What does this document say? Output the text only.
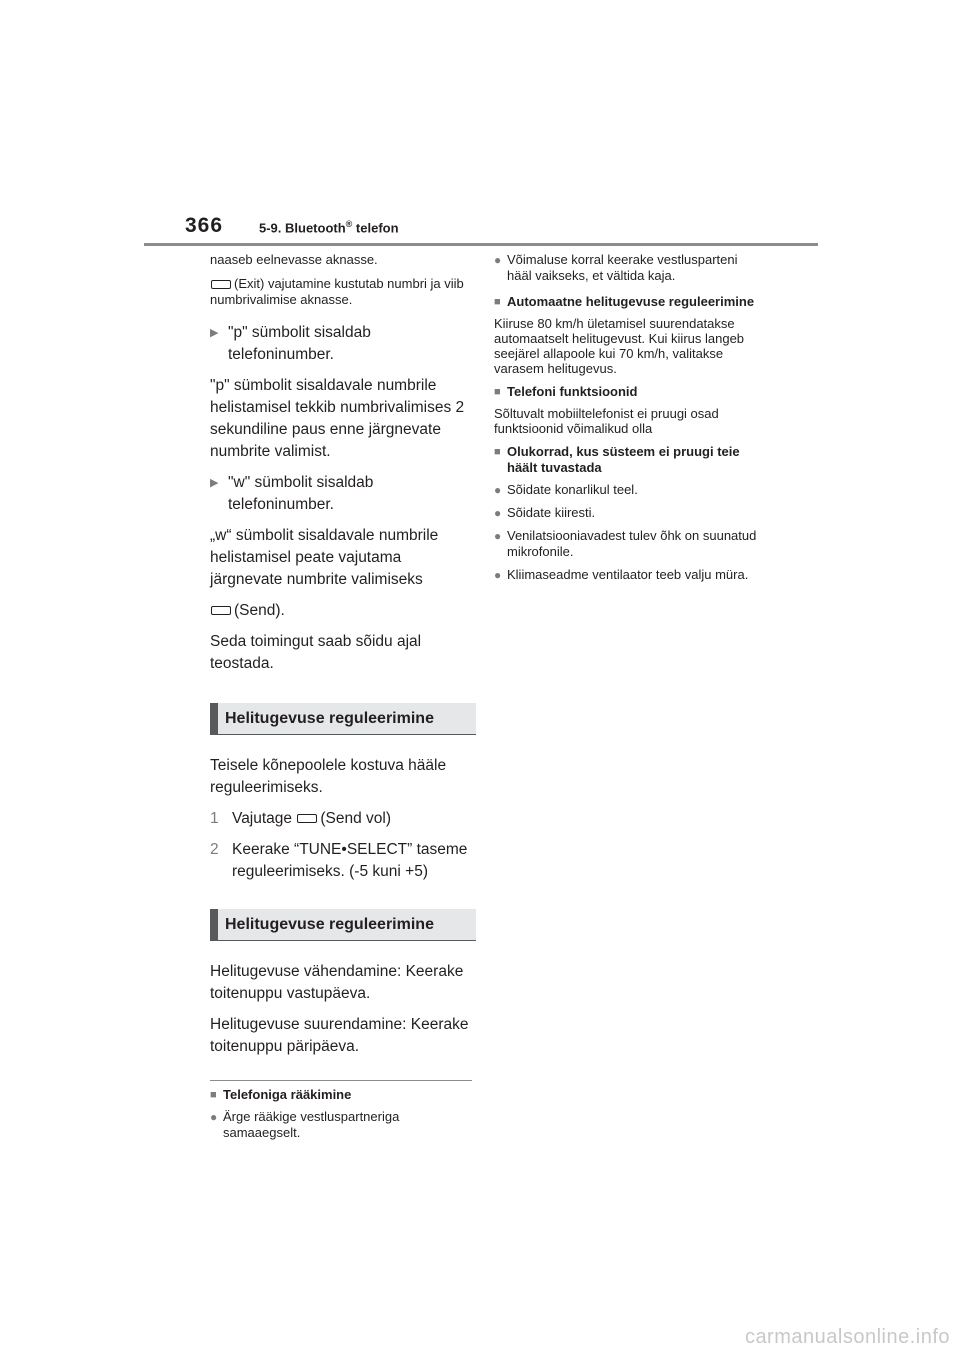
366	5-9. Bluetooth® telefon

naaseb eelnevasse aknasse.

(Exit) vajutamine kustutab numbri ja viib numbrivalimise aknasse.

▶ "p" sümbolit sisaldab telefoninumber.

"p" sümbolit sisaldavale numbrile helistamisel tekkib numbrivalimises 2 sekundiline paus enne järgnevate numbrite valimist.

▶ "w" sümbolit sisaldab telefoninumber.

„w“ sümbolit sisaldavale numbrile helistamisel peate vajutama järgnevate numbrite valimiseks

(Send).

Seda toimingut saab sõidu ajal teostada.

Helitugevuse reguleerimine

Teisele kõnepoolele kostuva hääle reguleerimiseks.

1 Vajutage (Send vol)
2 Keerake “TUNE•SELECT” taseme reguleerimiseks. (-5 kuni +5)
Helitugevuse reguleerimine

Helitugevuse vähendamine: Keerake toitenuppu vastupäeva.

Helitugevuse suurendamine: Keerake toitenuppu päripäeva.

■ Telefoniga rääkimine
● Ärge rääkige vestluspartneriga samaaegselt.
● Võimaluse korral keerake vestlusparteni hääl vaikseks, et vältida kaja.
■ Automaatne helitugevuse reguleerimine

Kiiruse 80 km/h ületamisel suurendatakse automaatselt helitugevust. Kui kiirus langeb seejärel allapoole kui 70 km/h, valitakse varasem helitugevus.

■ Telefoni funktsioonid

Sõltuvalt mobiiltelefonist ei pruugi osad funktsioonid võimalikud olla

■ Olukorrad, kus süsteem ei pruugi teie häält tuvastada
● Sõidate konarlikul teel.
● Sõidate kiiresti.
● Venilatsiooniavadest tulev õhk on suunatud mikrofonile.
● Kliimaseadme ventilaator teeb valju müra.
carmanualsonline.info
